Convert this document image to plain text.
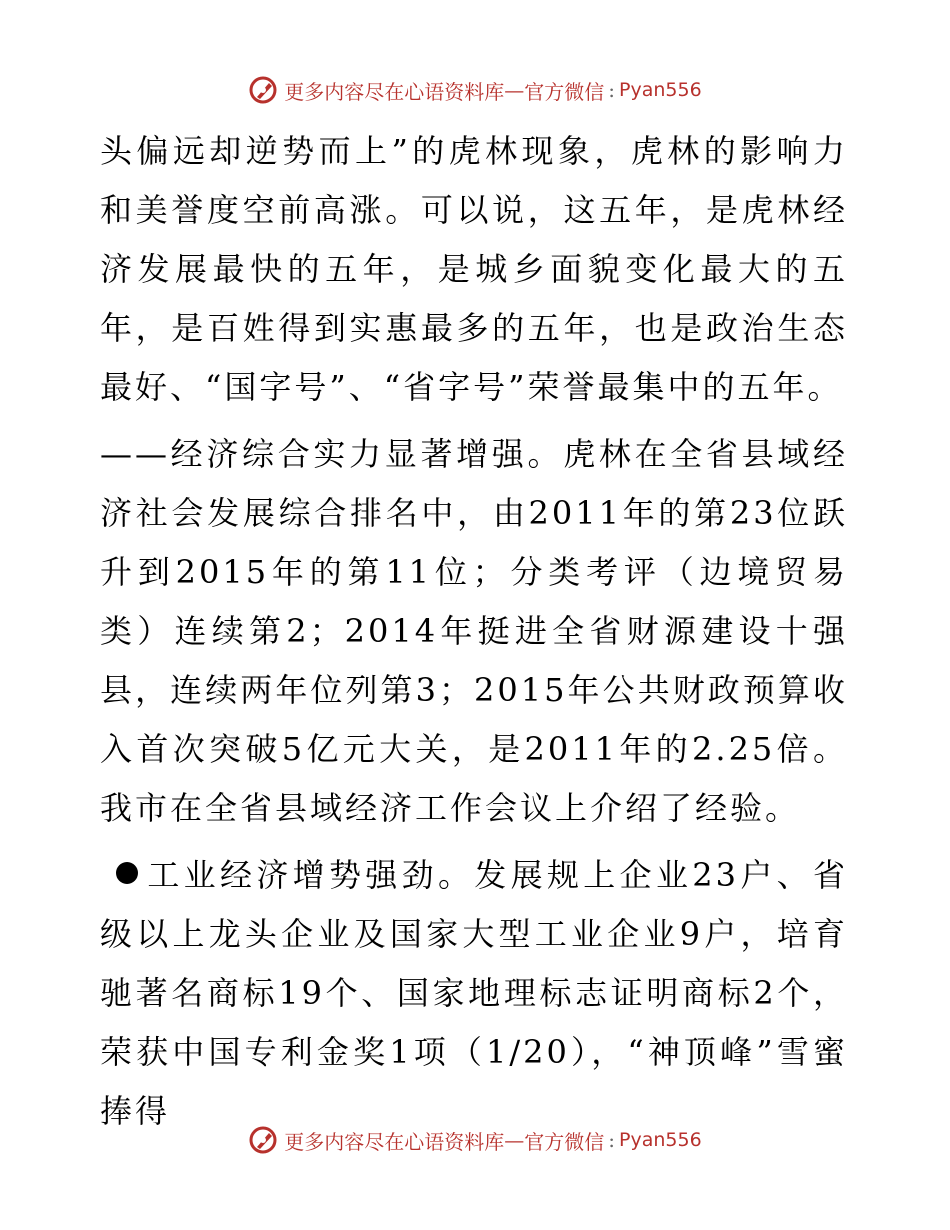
更多内容尽在心语资料库 — 官方微信 : Pyan556

头偏远却逆势而上”的虎林现象，虎林的影响力和美誉度空前高涨。可以说，这五年，是虎林经济发展最快的五年，是城乡面貌变化最大的五年，是百姓得到实惠最多的五年，也是政治生态最好、“国字号”、“省字号”荣誉最集中的五年。

——经济综合实力显著增强。虎林在全省县域经济社会发展综合排名中，由2011年的第23位跃升到2015年的第11位；分类考评（边境贸易类）连续第2；2014年挺进全省财源建设十强县，连续两年位列第3；2015年公共财政预算收入首次突破5亿元大关，是2011年的2.25倍。我市在全省县域经济工作会议上介绍了经验。

工业经济增势强劲。发展规上企业23户、省级以上龙头企业及国家大型工业企业9户，培育驰著名商标19个、国家地理标志证明商标2个，荣获中国专利金奖1项（1/20），“神顶峰”雪蜜捧得

更多内容尽在心语资料库 — 官方微信 : Pyan556
